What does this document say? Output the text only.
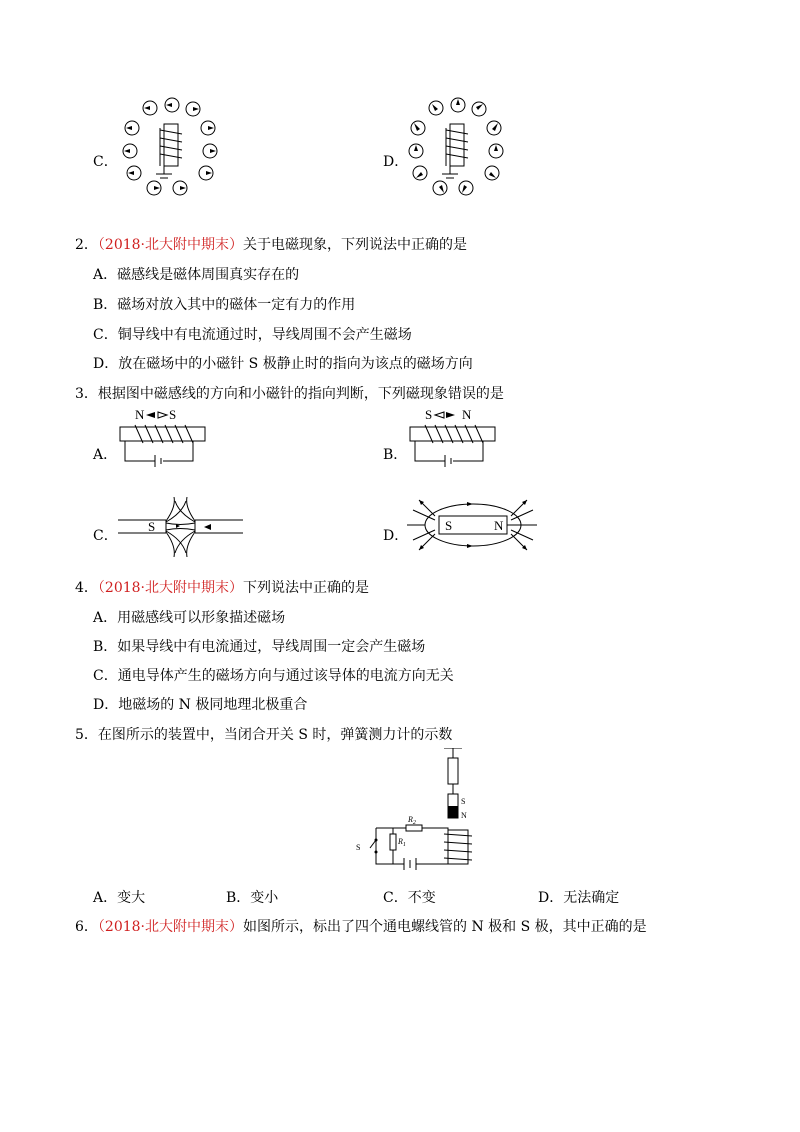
C．	D．
2．（2018·北大附中期末）关于电磁现象，下列说法中正确的是
A．磁感线是磁体周围真实存在的
B．磁场对放入其中的磁体一定有力的作用
C．铜导线中有电流通过时，导线周围不会产生磁场
D．放在磁场中的小磁针 S 极静止时的指向为该点的磁场方向
3．根据图中磁感线的方向和小磁针的指向判断，下列磁现象错误的是
A．
N S
B．
S N
C．
S
D．
S	N
4．（2018·北大附中期末）下列说法中正确的是
A．用磁感线可以形象描述磁场
B．如果导线中有电流通过，导线周围一定会产生磁场
C．通电导体产生的磁场方向与通过该导体的电流方向无关
D．地磁场的 N 极同地理北极重合
5．在图所示的装置中，当闭合开关 S 时，弹簧测力计的示数
S
N
$R_2$
$R_1$
S
A．变大	B．变小	C．不变	D．无法确定
6．（2018·北大附中期末）如图所示，标出了四个通电螺线管的 N 极和 S 极，其中正确的是
